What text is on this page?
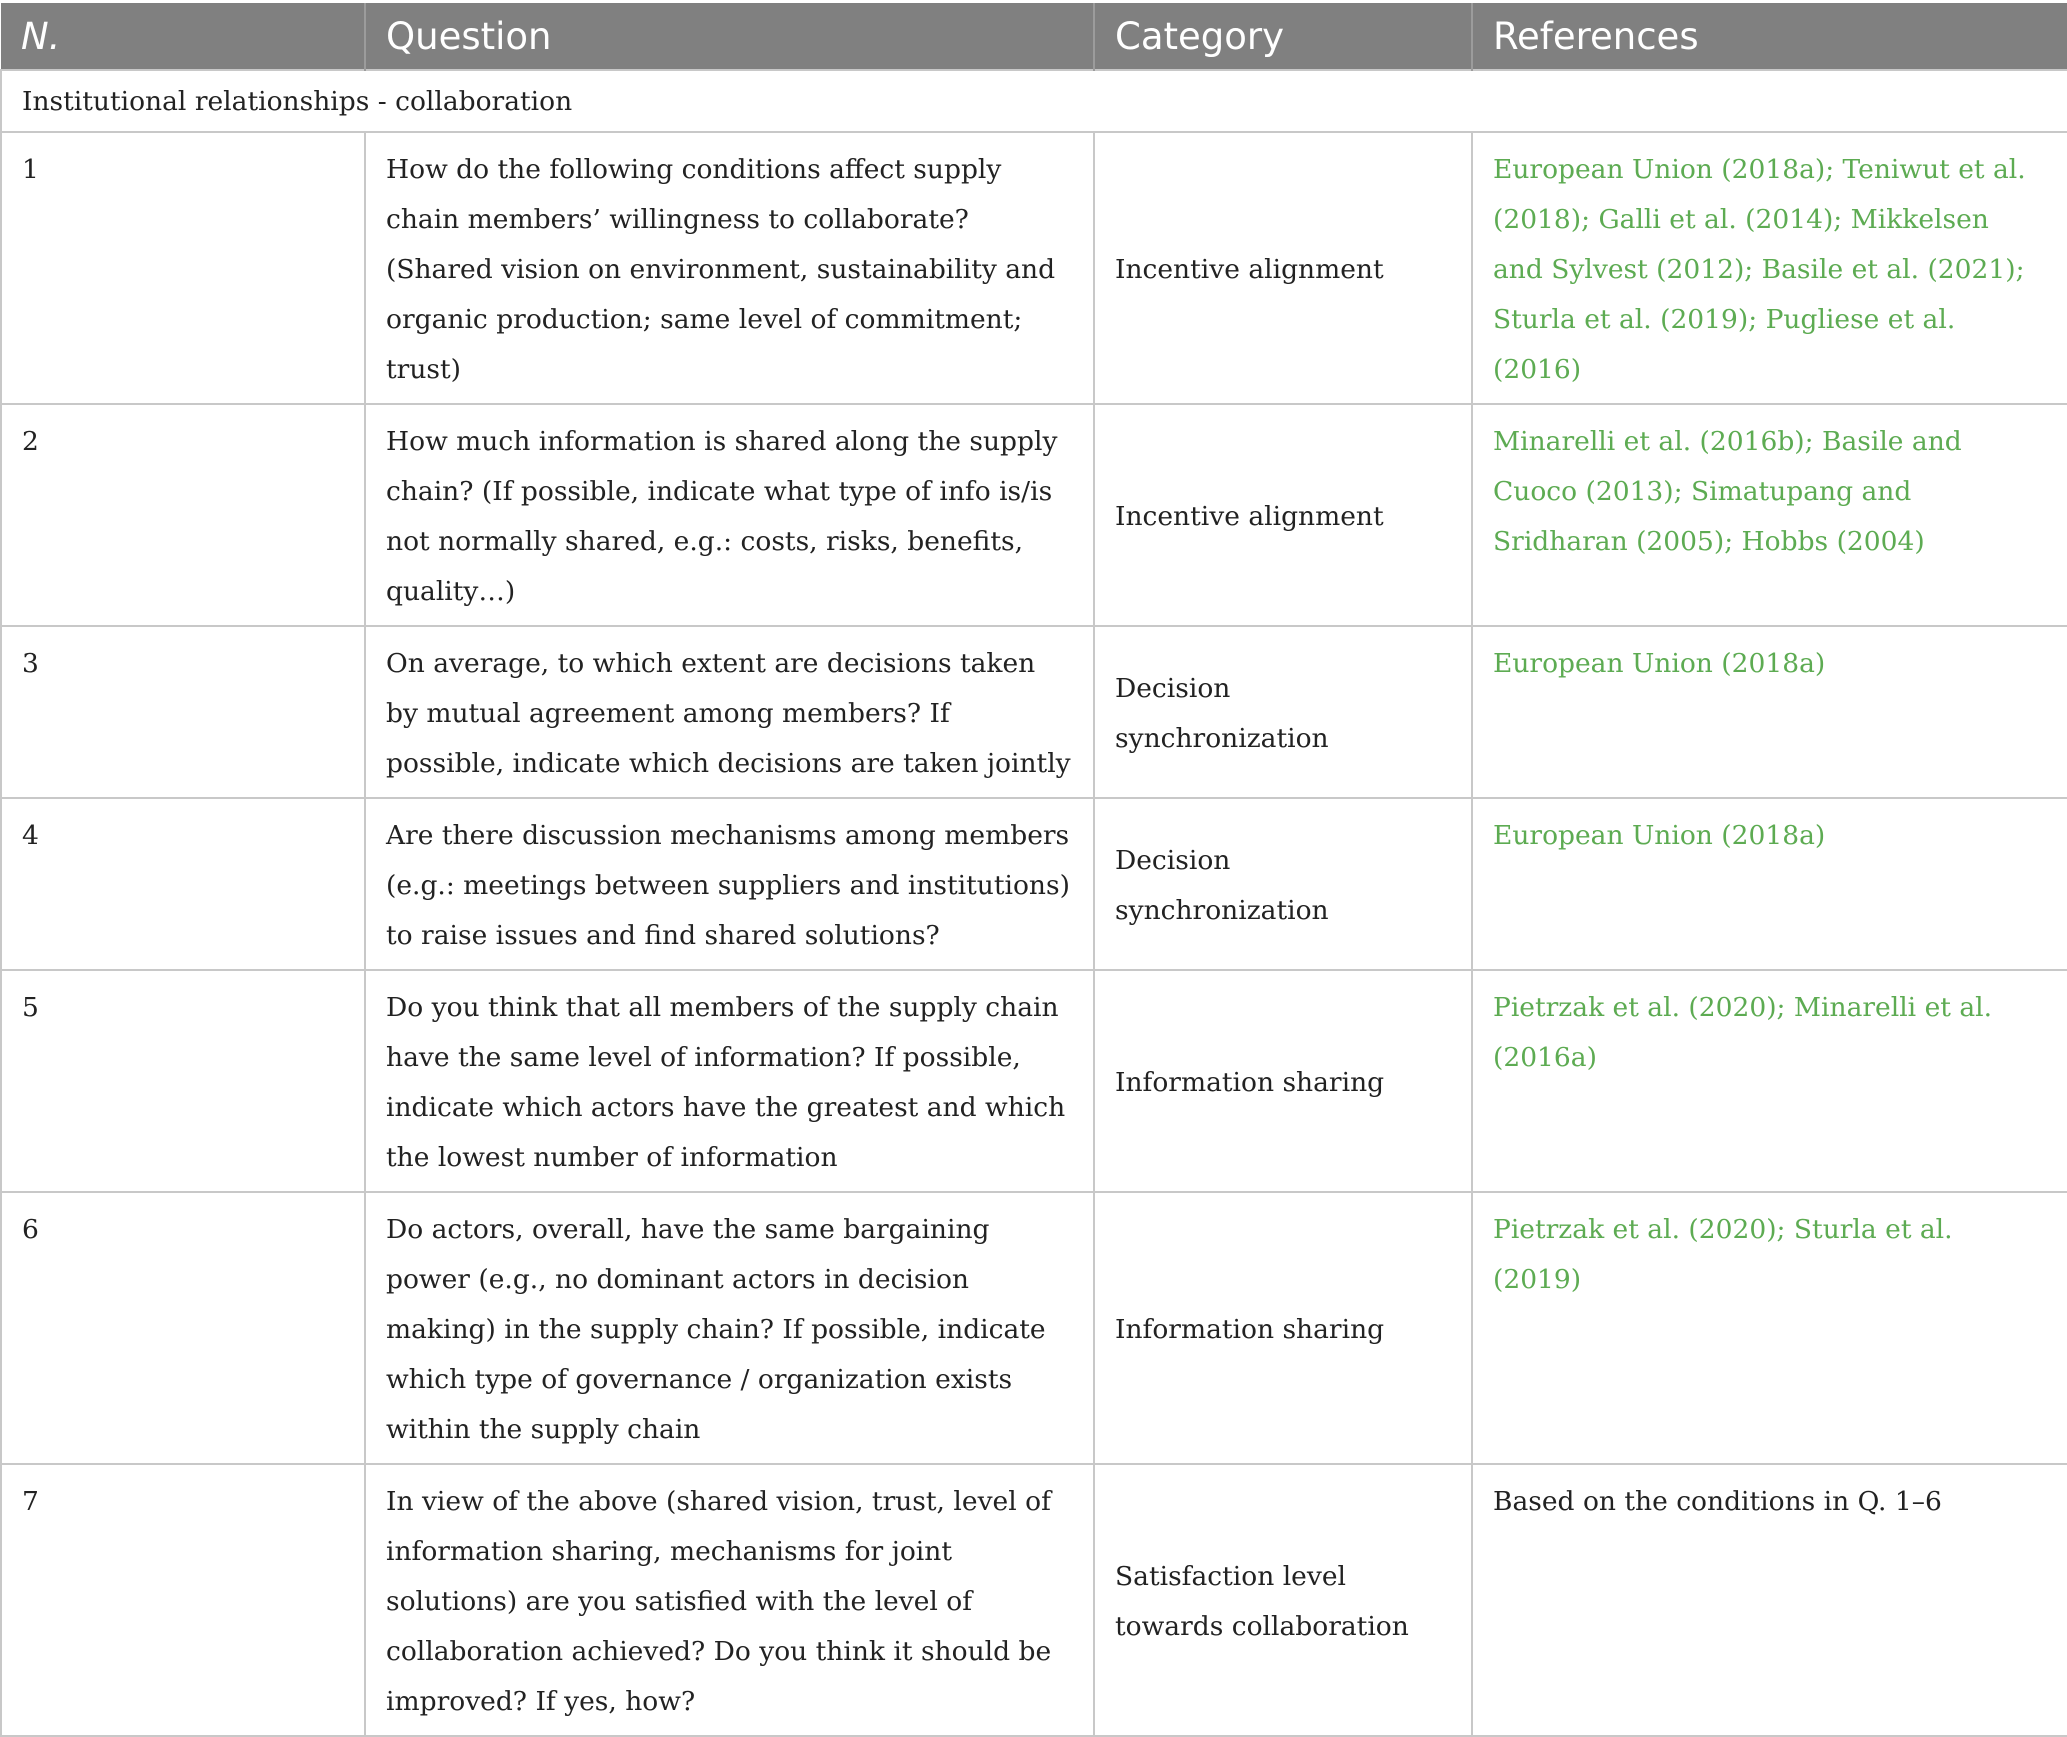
N.	Question	Category	References
Institutional relationships - collaboration			
1	How do the following conditions affect supply chain members’ willingness to collaborate? (Shared vision on environment, sustainability and organic production; same level of commitment; trust)	Incentive alignment	European Union (2018a); Teniwut et al. (2018); Galli et al. (2014); Mikkelsen and Sylvest (2012); Basile et al. (2021); Sturla et al. (2019); Pugliese et al. (2016)
2	How much information is shared along the supply chain? (If possible, indicate what type of info is/is not normally shared, e.g.: costs, risks, benefits, quality…)	Incentive alignment	Minarelli et al. (2016b); Basile and Cuoco (2013); Simatupang and Sridharan (2005); Hobbs (2004)
3	On average, to which extent are decisions taken by mutual agreement among members? If possible, indicate which decisions are taken jointly	Decision synchronization	European Union (2018a)
4	Are there discussion mechanisms among members (e.g.: meetings between suppliers and institutions) to raise issues and find shared solutions?	Decision synchronization	European Union (2018a)
5	Do you think that all members of the supply chain have the same level of information? If possible, indicate which actors have the greatest and which the lowest number of information	Information sharing	Pietrzak et al. (2020); Minarelli et al. (2016a)
6	Do actors, overall, have the same bargaining power (e.g., no dominant actors in decision making) in the supply chain? If possible, indicate which type of governance / organization exists within the supply chain	Information sharing	Pietrzak et al. (2020); Sturla et al. (2019)
7	In view of the above (shared vision, trust, level of information sharing, mechanisms for joint solutions) are you satisfied with the level of collaboration achieved? Do you think it should be improved? If yes, how?	Satisfaction level towards collaboration	Based on the conditions in Q. 1–6
